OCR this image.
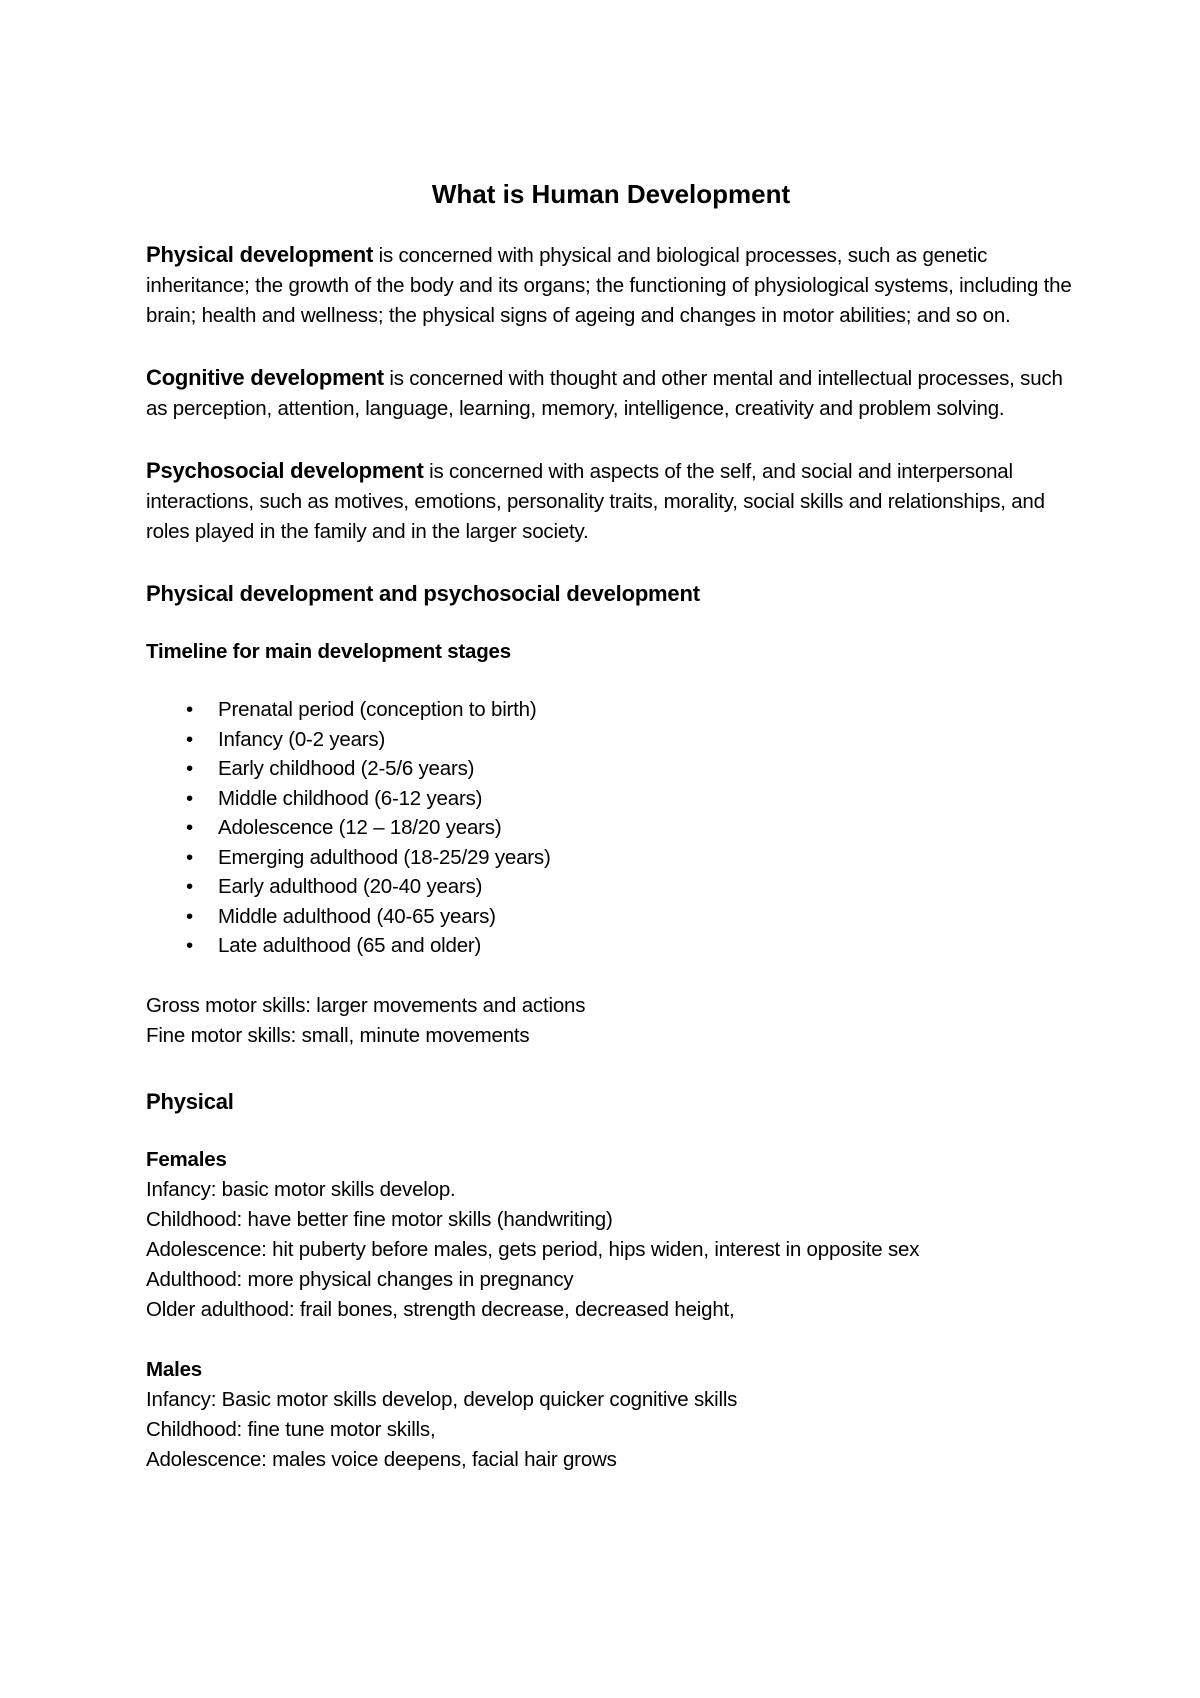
What is Human Development

Physical development is concerned with physical and biological processes, such as genetic inheritance; the growth of the body and its organs; the functioning of physiological systems, including the brain; health and wellness; the physical signs of ageing and changes in motor abilities; and so on.

Cognitive development is concerned with thought and other mental and intellectual processes, such as perception, attention, language, learning, memory, intelligence, creativity and problem solving.

Psychosocial development is concerned with aspects of the self, and social and interpersonal interactions, such as motives, emotions, personality traits, morality, social skills and relationships, and roles played in the family and in the larger society.

Physical development and psychosocial development
Timeline for main development stages
• Prenatal period (conception to birth)
• Infancy (0-2 years)
• Early childhood (2-5/6 years)
• Middle childhood (6-12 years)
• Adolescence (12 – 18/20 years)
• Emerging adulthood (18-25/29 years)
• Early adulthood (20-40 years)
• Middle adulthood (40-65 years)
• Late adulthood (65 and older)
Gross motor skills: larger movements and actions
Fine motor skills: small, minute movements
Physical
Females
Infancy: basic motor skills develop.
Childhood: have better fine motor skills (handwriting)
Adolescence: hit puberty before males, gets period, hips widen, interest in opposite sex
Adulthood: more physical changes in pregnancy
Older adulthood: frail bones, strength decrease, decreased height,
Males
Infancy: Basic motor skills develop, develop quicker cognitive skills
Childhood: fine tune motor skills,
Adolescence: males voice deepens, facial hair grows
